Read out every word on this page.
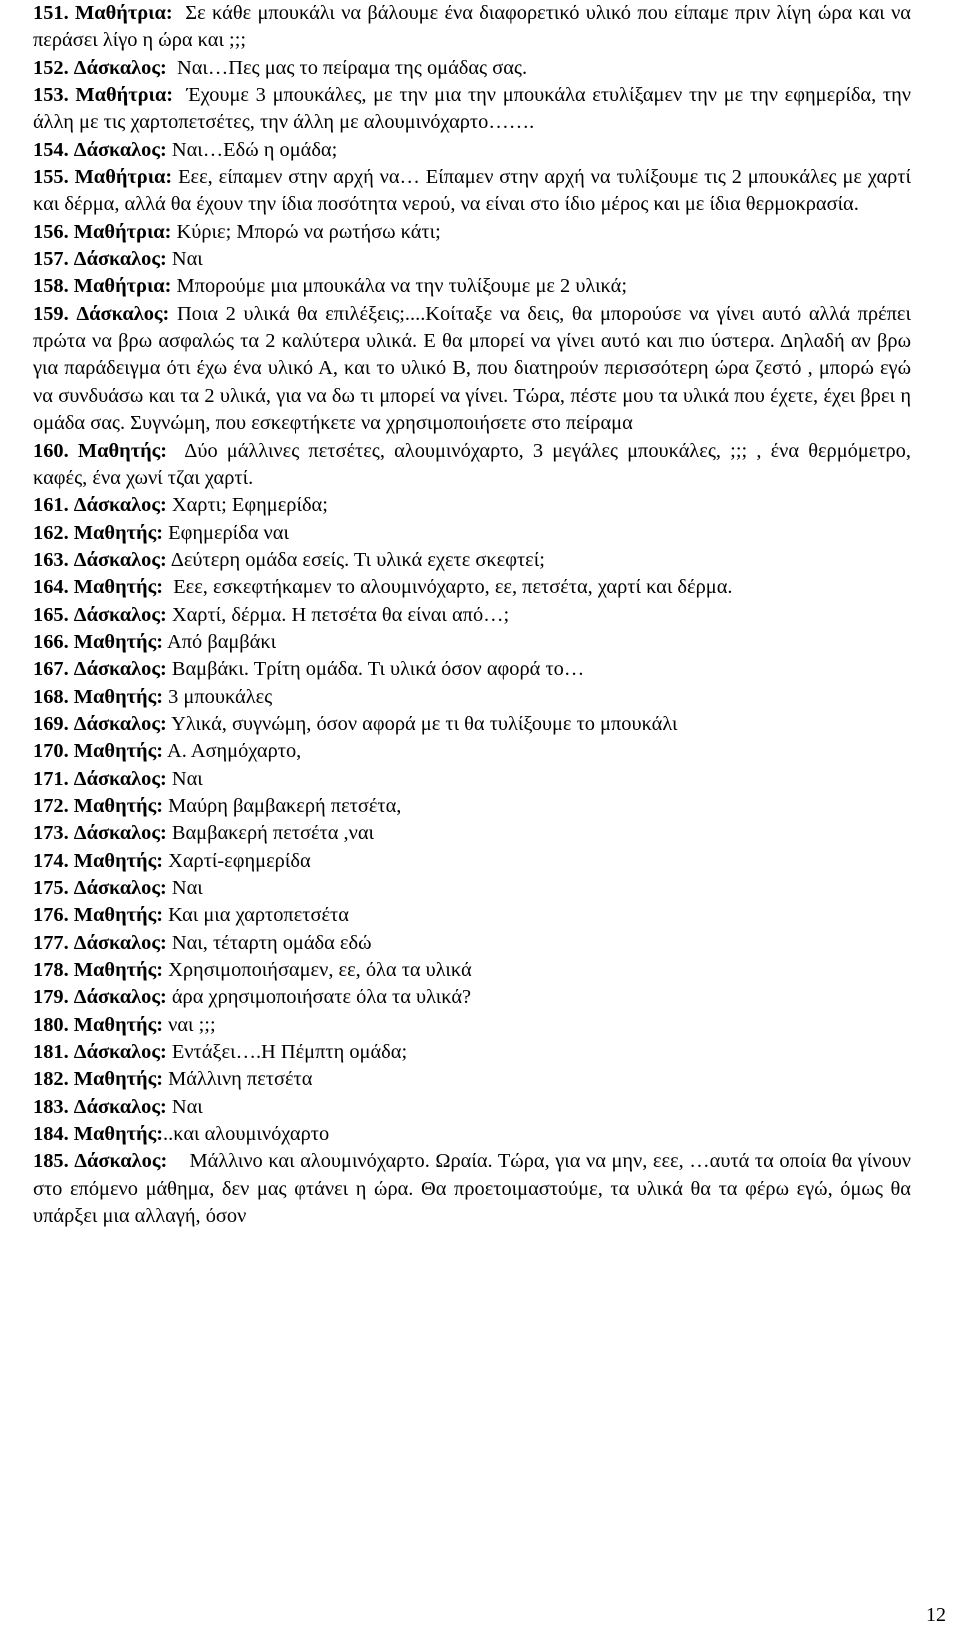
151. Μαθήτρια:  Σε κάθε μπουκάλι να βάλουμε ένα διαφορετικό υλικό που είπαμε πριν λίγη ώρα και να περάσει λίγο η ώρα και ;;;

152. Δάσκαλος:  Ναι…Πες μας το πείραμα της ομάδας σας.

153. Μαθήτρια:  Έχουμε 3 μπουκάλες, με την μια την μπουκάλα ετυλίξαμεν την με την εφημερίδα, την άλλη με τις χαρτοπετσέτες, την άλλη με αλουμινόχαρτο…….

154. Δάσκαλος: Ναι…Εδώ η ομάδα;

155. Μαθήτρια: Εεε, είπαμεν στην αρχή να… Είπαμεν στην αρχή να τυλίξουμε τις 2 μπουκάλες με χαρτί και δέρμα, αλλά θα έχουν την ίδια ποσότητα νερού, να είναι στο ίδιο μέρος και με ίδια θερμοκρασία.

156. Μαθήτρια: Κύριε; Μπορώ να ρωτήσω κάτι;

157. Δάσκαλος: Ναι

158. Μαθήτρια: Μπορούμε μια μπουκάλα να την τυλίξουμε με 2 υλικά;

159. Δάσκαλος: Ποια 2 υλικά θα επιλέξεις;....Κοίταξε να δεις, θα μπορούσε να γίνει αυτό αλλά πρέπει πρώτα να βρω ασφαλώς τα 2 καλύτερα υλικά. Ε θα μπορεί να γίνει αυτό και πιο ύστερα. Δηλαδή αν βρω για παράδειγμα ότι έχω ένα υλικό Α, και το υλικό Β, που διατηρούν περισσότερη ώρα ζεστό , μπορώ εγώ να συνδυάσω και τα 2 υλικά, για να δω τι μπορεί να γίνει. Τώρα, πέστε μου τα υλικά που έχετε, έχει βρει η ομάδα σας. Συγνώμη, που εσκεφτήκετε να χρησιμοποιήσετε στο πείραμα

160. Μαθητής:  Δύο μάλλινες πετσέτες, αλουμινόχαρτο, 3 μεγάλες μπουκάλες, ;;; , ένα θερμόμετρο, καφές, ένα χωνί τζαι χαρτί.

161. Δάσκαλος: Χαρτι; Εφημερίδα;

162. Μαθητής: Εφημερίδα ναι

163. Δάσκαλος: Δεύτερη ομάδα εσείς. Τι υλικά εχετε σκεφτεί;

164. Μαθητής:  Εεε, εσκεφτήκαμεν το αλουμινόχαρτο, εε, πετσέτα, χαρτί και δέρμα.

165. Δάσκαλος: Χαρτί, δέρμα. Η πετσέτα θα είναι από…;

166. Μαθητής: Από βαμβάκι

167. Δάσκαλος: Βαμβάκι. Τρίτη ομάδα. Τι υλικά όσον αφορά το…

168. Μαθητής: 3 μπουκάλες

169. Δάσκαλος: Υλικά, συγνώμη, όσον αφορά με τι θα τυλίξουμε το μπουκάλι

170. Μαθητής: Α. Ασημόχαρτο,

171. Δάσκαλος: Ναι

172. Μαθητής: Μαύρη βαμβακερή πετσέτα,

173. Δάσκαλος: Βαμβακερή πετσέτα ,ναι

174. Μαθητής: Χαρτί-εφημερίδα

175. Δάσκαλος: Ναι

176. Μαθητής: Και μια χαρτοπετσέτα

177. Δάσκαλος: Ναι, τέταρτη ομάδα εδώ

178. Μαθητής: Χρησιμοποιήσαμεν, εε, όλα τα υλικά

179. Δάσκαλος: άρα χρησιμοποιήσατε όλα τα υλικά?

180. Μαθητής: ναι ;;;

181. Δάσκαλος: Εντάξει….Η Πέμπτη ομάδα;

182. Μαθητής: Μάλλινη πετσέτα

183. Δάσκαλος: Ναι

184. Μαθητής:..και αλουμινόχαρτο

185. Δάσκαλος:    Μάλλινο και αλουμινόχαρτο. Ωραία. Τώρα, για να μην, εεε, …αυτά τα οποία θα γίνουν στο επόμενο μάθημα, δεν μας φτάνει η ώρα. Θα προετοιμαστούμε, τα υλικά θα τα φέρω εγώ, όμως θα υπάρξει μια αλλαγή, όσον

12
